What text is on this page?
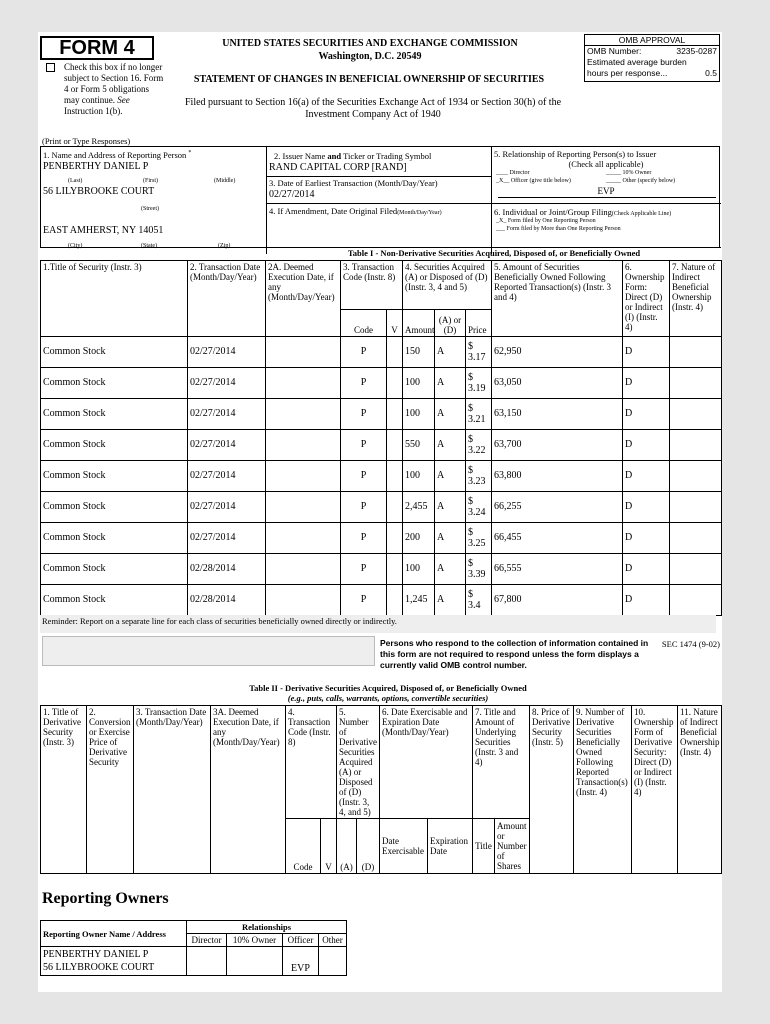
FORM 4
Check this box if no longer subject to Section 16. Form 4 or Form 5 obligations may continue. See Instruction 1(b).
UNITED STATES SECURITIES AND EXCHANGE COMMISSION
Washington, D.C. 20549
STATEMENT OF CHANGES IN BENEFICIAL OWNERSHIP OF SECURITIES
Filed pursuant to Section 16(a) of the Securities Exchange Act of 1934 or Section 30(h) of the
Investment Company Act of 1940
OMB APPROVAL
OMB Number:	3235-0287
Estimated average burden
hours per response...	0.5
(Print or Type Responses)
1. Name and Address of Reporting Person *
PENBERTHY DANIEL P
(Last)	(First)	(Middle)
56 LILYBROOKE COURT
(Street)
EAST AMHERST, NY 14051
(City)	(State)	(Zip)
2. Issuer Name and Ticker or Trading Symbol
RAND CAPITAL CORP [RAND]
3. Date of Earliest Transaction (Month/Day/Year)
02/27/2014
4. If Amendment, Date Original Filed(Month/Day/Year)
5. Relationship of Reporting Person(s) to Issuer
(Check all applicable)
____ Director	_____ 10% Owner
_X__ Officer (give title below)	_____ Other (specify below)
EVP
6. Individual or Joint/Group Filing(Check Applicable Line)
_X_ Form filed by One Reporting Person
___ Form filed by More than One Reporting Person
Table I - Non-Derivative Securities Acquired, Disposed of, or Beneficially Owned
1.Title of Security (Instr. 3)	2. Transaction Date (Month/Day/Year)	2A. Deemed Execution Date, if any (Month/Day/Year)	3. Transaction Code (Instr. 8)		4. Securities Acquired (A) or Disposed of (D) (Instr. 3, 4 and 5)			5. Amount of Securities Beneficially Owned Following Reported Transaction(s) (Instr. 3 and 4)	6. Ownership Form: Direct (D) or Indirect (I) (Instr. 4)	7. Nature of Indirect Beneficial Ownership (Instr. 4)
			Code	V	Amount	(A) or (D)	Price			
Common Stock	02/27/2014		P		150	A	$
3.17	62,950	D	
Common Stock	02/27/2014		P		100	A	$
3.19	63,050	D	
Common Stock	02/27/2014		P		100	A	$
3.21	63,150	D	
Common Stock	02/27/2014		P		550	A	$
3.22	63,700	D	
Common Stock	02/27/2014		P		100	A	$
3.23	63,800	D	
Common Stock	02/27/2014		P		2,455	A	$
3.24	66,255	D	
Common Stock	02/27/2014		P		200	A	$
3.25	66,455	D	
Common Stock	02/28/2014		P		100	A	$
3.39	66,555	D	
Common Stock	02/28/2014		P		1,245	A	$
3.4	67,800	D	
Reminder: Report on a separate line for each class of securities beneficially owned directly or indirectly.
Persons who respond to the collection of information contained in this form are not required to respond unless the form displays a currently valid OMB control number.
SEC 1474 (9-02)
Table II - Derivative Securities Acquired, Disposed of, or Beneficially Owned
(e.g., puts, calls, warrants, options, convertible securities)
1. Title of Derivative Security (Instr. 3)	2. Conversion or Exercise Price of Derivative Security	3. Transaction Date (Month/Day/Year)	3A. Deemed Execution Date, if any (Month/Day/Year)	4. Transaction Code (Instr. 8)		5. Number of Derivative Securities Acquired (A) or Disposed of (D) (Instr. 3, 4, and 5)		6. Date Exercisable and Expiration Date (Month/Day/Year)		7. Title and Amount of Underlying Securities (Instr. 3 and 4)		8. Price of Derivative Security (Instr. 5)	9. Number of Derivative Securities Beneficially Owned Following Reported Transaction(s) (Instr. 4)	10. Ownership Form of Derivative Security: Direct (D) or Indirect (I) (Instr. 4)	11. Nature of Indirect Beneficial Ownership (Instr. 4)
				Code	V	(A)	(D)	Date Exercisable	Expiration Date	Title	Amount or Number of Shares				
Reporting Owners
Reporting Owner Name / Address	Relationships			
	Director	10% Owner	Officer	Other

PENBERTHY DANIEL P
56 LILYBROOKE COURT			EVP	
